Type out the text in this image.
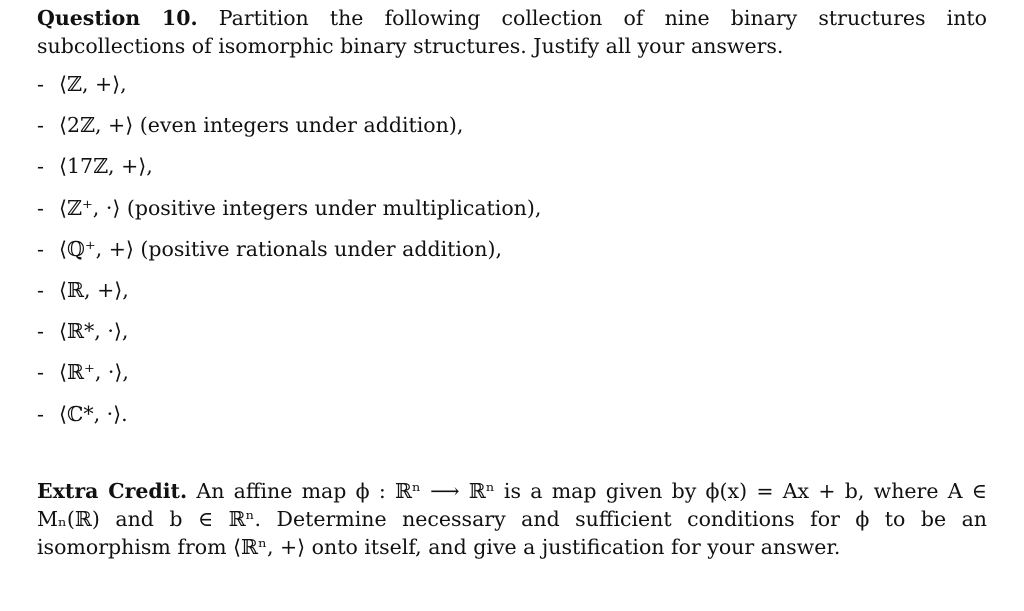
Question 10. Partition the following collection of nine binary structures into subcollections of isomorphic binary structures. Justify all your answers.

- ⟨ℤ, +⟩,
- ⟨2ℤ, +⟩ (even integers under addition),
- ⟨17ℤ, +⟩,
- ⟨ℤ⁺, ·⟩ (positive integers under multiplication),
- ⟨ℚ⁺, +⟩ (positive rationals under addition),
- ⟨ℝ, +⟩,
- ⟨ℝ*, ·⟩,
- ⟨ℝ⁺, ·⟩,
- ⟨ℂ*, ·⟩.

Extra Credit. An affine map ϕ : ℝⁿ ⟶ ℝⁿ is a map given by ϕ(x) = Ax + b, where A ∈ Mₙ(ℝ) and b ∈ ℝⁿ. Determine necessary and sufficient conditions for ϕ to be an isomorphism from ⟨ℝⁿ, +⟩ onto itself, and give a justification for your answer.
